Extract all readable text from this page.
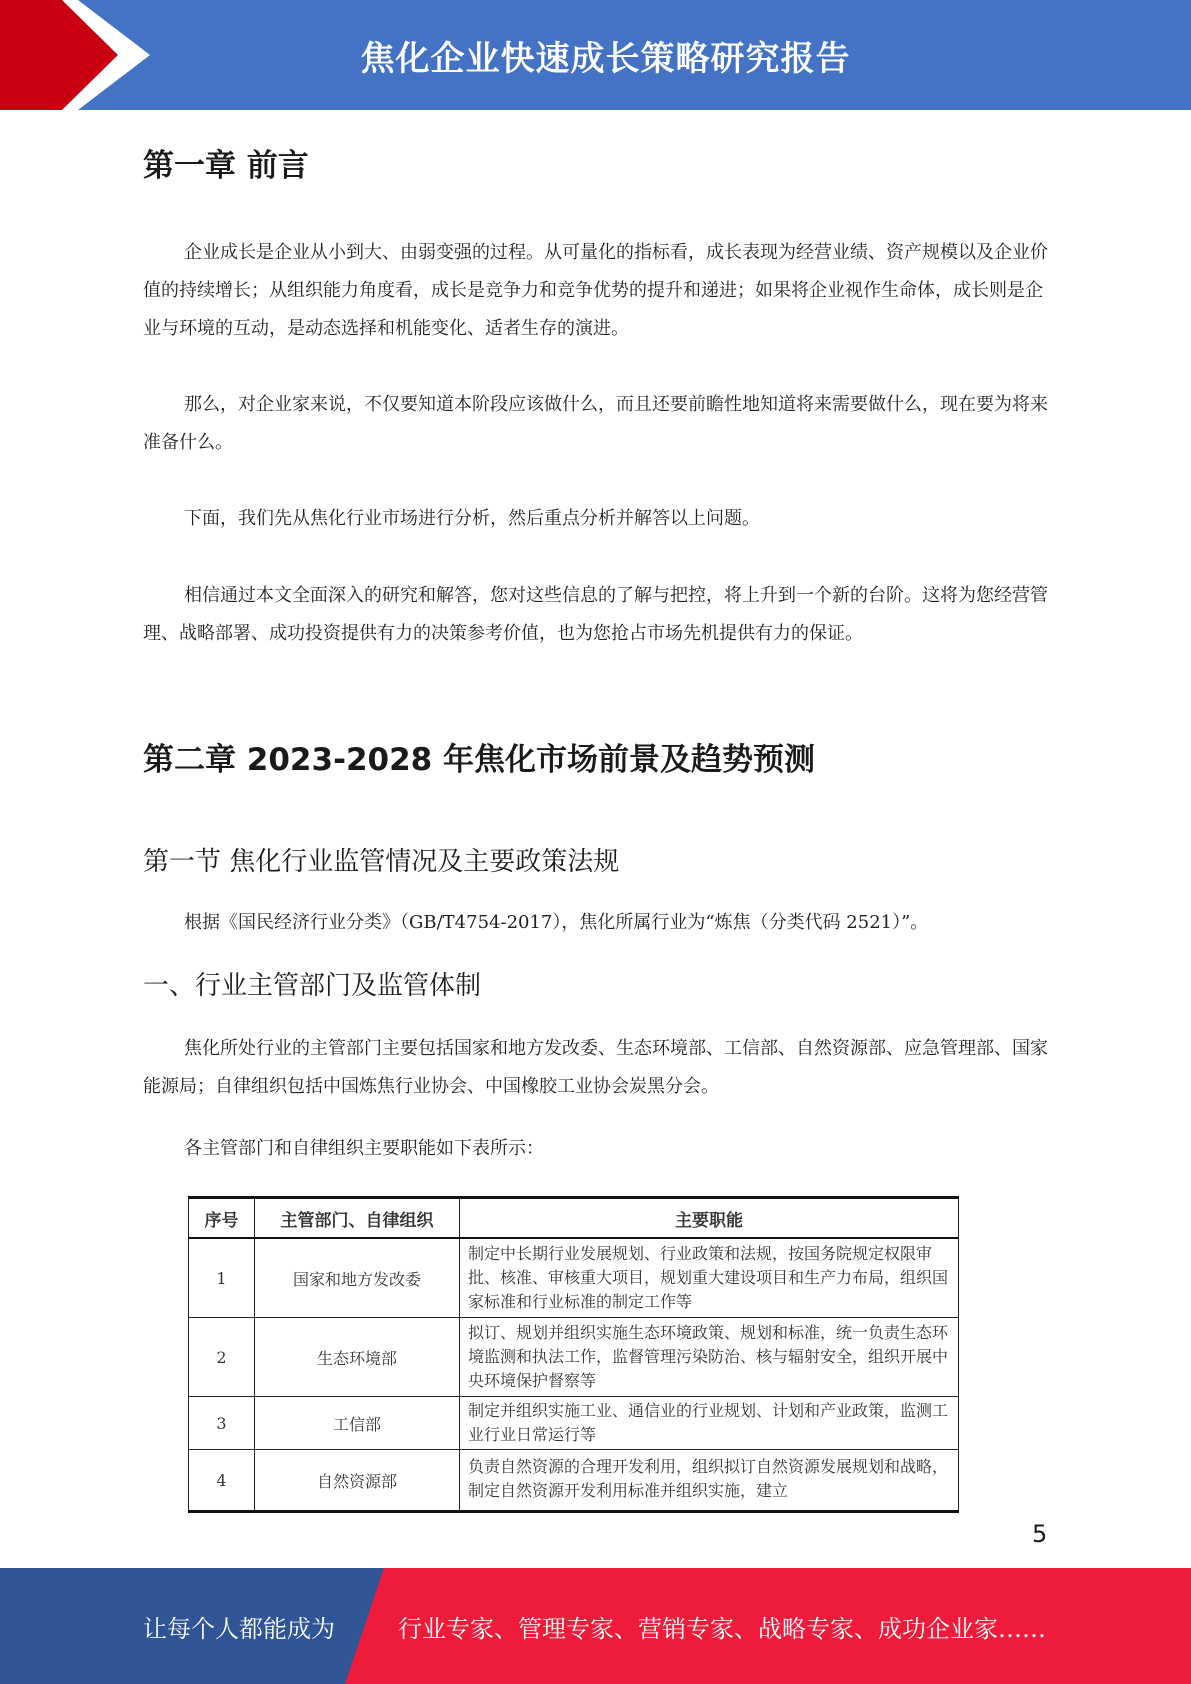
焦化企业快速成长策略研究报告
第一章 前言

企业成长是企业从小到大、由弱变强的过程。从可量化的指标看，成长表现为经营业绩、资产规模以及企业价值的持续增长；从组织能力角度看，成长是竞争力和竞争优势的提升和递进；如果将企业视作生命体，成长则是企业与环境的互动，是动态选择和机能变化、适者生存的演进。

那么，对企业家来说，不仅要知道本阶段应该做什么，而且还要前瞻性地知道将来需要做什么，现在要为将来准备什么。

下面，我们先从焦化行业市场进行分析，然后重点分析并解答以上问题。

相信通过本文全面深入的研究和解答，您对这些信息的了解与把控，将上升到一个新的台阶。这将为您经营管理、战略部署、成功投资提供有力的决策参考价值，也为您抢占市场先机提供有力的保证。

第二章 2023-2028 年焦化市场前景及趋势预测
第一节 焦化行业监管情况及主要政策法规

根据《国民经济行业分类》（GB/T4754-2017），焦化所属行业为“炼焦（分类代码 2521）”。

一、行业主管部门及监管体制

焦化所处行业的主管部门主要包括国家和地方发改委、生态环境部、工信部、自然资源部、应急管理部、国家能源局；自律组织包括中国炼焦行业协会、中国橡胶工业协会炭黑分会。

各主管部门和自律组织主要职能如下表所示：

序号	主管部门、自律组织	主要职能
1	国家和地方发改委	制定中长期行业发展规划、行业政策和法规，按国务院规定权限审批、核准、审核重大项目，规划重大建设项目和生产力布局，组织国家标准和行业标准的制定工作等
2	生态环境部	拟订、规划并组织实施生态环境政策、规划和标准，统一负责生态环境监测和执法工作，监督管理污染防治、核与辐射安全，组织开展中央环境保护督察等
3	工信部	制定并组织实施工业、通信业的行业规划、计划和产业政策，监测工业行业日常运行等
4	自然资源部	负责自然资源的合理开发利用，组织拟订自然资源发展规划和战略，制定自然资源开发利用标准并组织实施，建立
5
让每个人都能成为	行业专家、管理专家、营销专家、战略专家、成功企业家……
